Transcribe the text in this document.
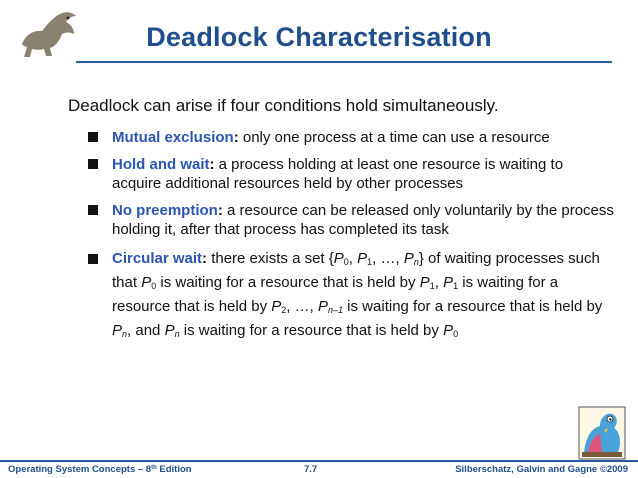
Deadlock Characterisation
Deadlock can arise if four conditions hold simultaneously.
Mutual exclusion: only one process at a time can use a resource
Hold and wait: a process holding at least one resource is waiting to acquire additional resources held by other processes
No preemption: a resource can be released only voluntarily by the process holding it, after that process has completed its task
Circular wait: there exists a set {$P_0$, $P_1$, …, $P_n$} of waiting processes such that $P_0$ is waiting for a resource that is held by $P_1$, $P_1$ is waiting for a resource that is held by $P_2$, …, $P_{n-1}$ is waiting for a resource that is held by $P_n$, and $P_n$ is waiting for a resource that is held by $P_0$
Operating System Concepts – 8th Edition	7.7	Silberschatz, Galvin and Gagne ©2009
